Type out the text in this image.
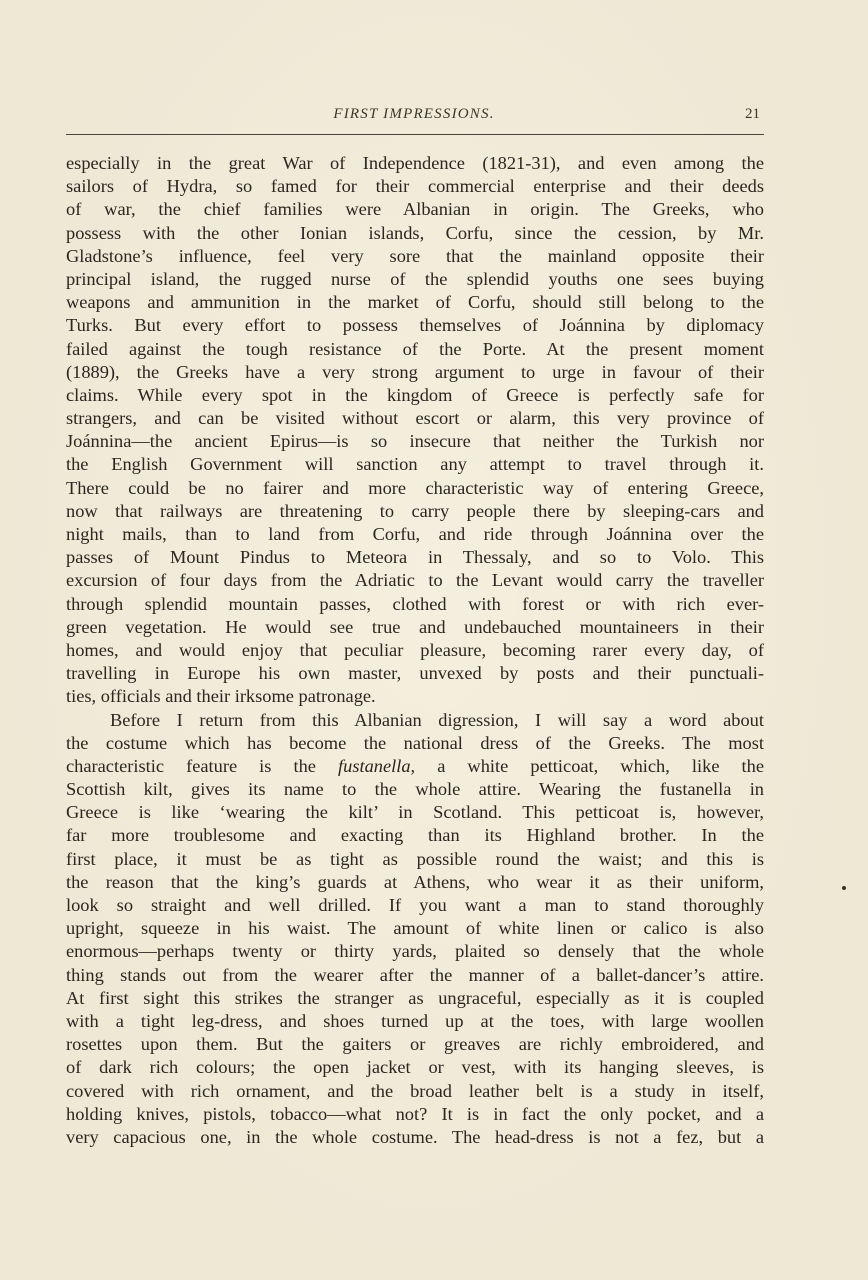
FIRST IMPRESSIONS.	21
especially in the great War of Independence (1821-31), and even among the
sailors of Hydra, so famed for their commercial enterprise and their deeds
of war, the chief families were Albanian in origin. The Greeks, who
possess with the other Ionian islands, Corfu, since the cession, by Mr.
Gladstone’s influence, feel very sore that the mainland opposite their
principal island, the rugged nurse of the splendid youths one sees buying
weapons and ammunition in the market of Corfu, should still belong to the
Turks. But every effort to possess themselves of Joánnina by diplomacy
failed against the tough resistance of the Porte. At the present moment
(1889), the Greeks have a very strong argument to urge in favour of their
claims. While every spot in the kingdom of Greece is perfectly safe for
strangers, and can be visited without escort or alarm, this very province of
Joánnina—the ancient Epirus—is so insecure that neither the Turkish nor
the English Government will sanction any attempt to travel through it.
There could be no fairer and more characteristic way of entering Greece,
now that railways are threatening to carry people there by sleeping-cars and
night mails, than to land from Corfu, and ride through Joánnina over the
passes of Mount Pindus to Meteora in Thessaly, and so to Volo. This
excursion of four days from the Adriatic to the Levant would carry the traveller
through splendid mountain passes, clothed with forest or with rich ever-
green vegetation. He would see true and undebauched mountaineers in their
homes, and would enjoy that peculiar pleasure, becoming rarer every day, of
travelling in Europe his own master, unvexed by posts and their punctuali-
ties, officials and their irksome patronage.
Before I return from this Albanian digression, I will say a word about
the costume which has become the national dress of the Greeks. The most
characteristic feature is the fustanella, a white petticoat, which, like the
Scottish kilt, gives its name to the whole attire. Wearing the fustanella in
Greece is like ‘wearing the kilt’ in Scotland. This petticoat is, however,
far more troublesome and exacting than its Highland brother. In the
first place, it must be as tight as possible round the waist; and this is
the reason that the king’s guards at Athens, who wear it as their uniform,
look so straight and well drilled. If you want a man to stand thoroughly
upright, squeeze in his waist. The amount of white linen or calico is also
enormous—perhaps twenty or thirty yards, plaited so densely that the whole
thing stands out from the wearer after the manner of a ballet-dancer’s attire.
At first sight this strikes the stranger as ungraceful, especially as it is coupled
with a tight leg-dress, and shoes turned up at the toes, with large woollen
rosettes upon them. But the gaiters or greaves are richly embroidered, and
of dark rich colours; the open jacket or vest, with its hanging sleeves, is
covered with rich ornament, and the broad leather belt is a study in itself,
holding knives, pistols, tobacco—what not? It is in fact the only pocket, and a
very capacious one, in the whole costume. The head-dress is not a fez, but a
